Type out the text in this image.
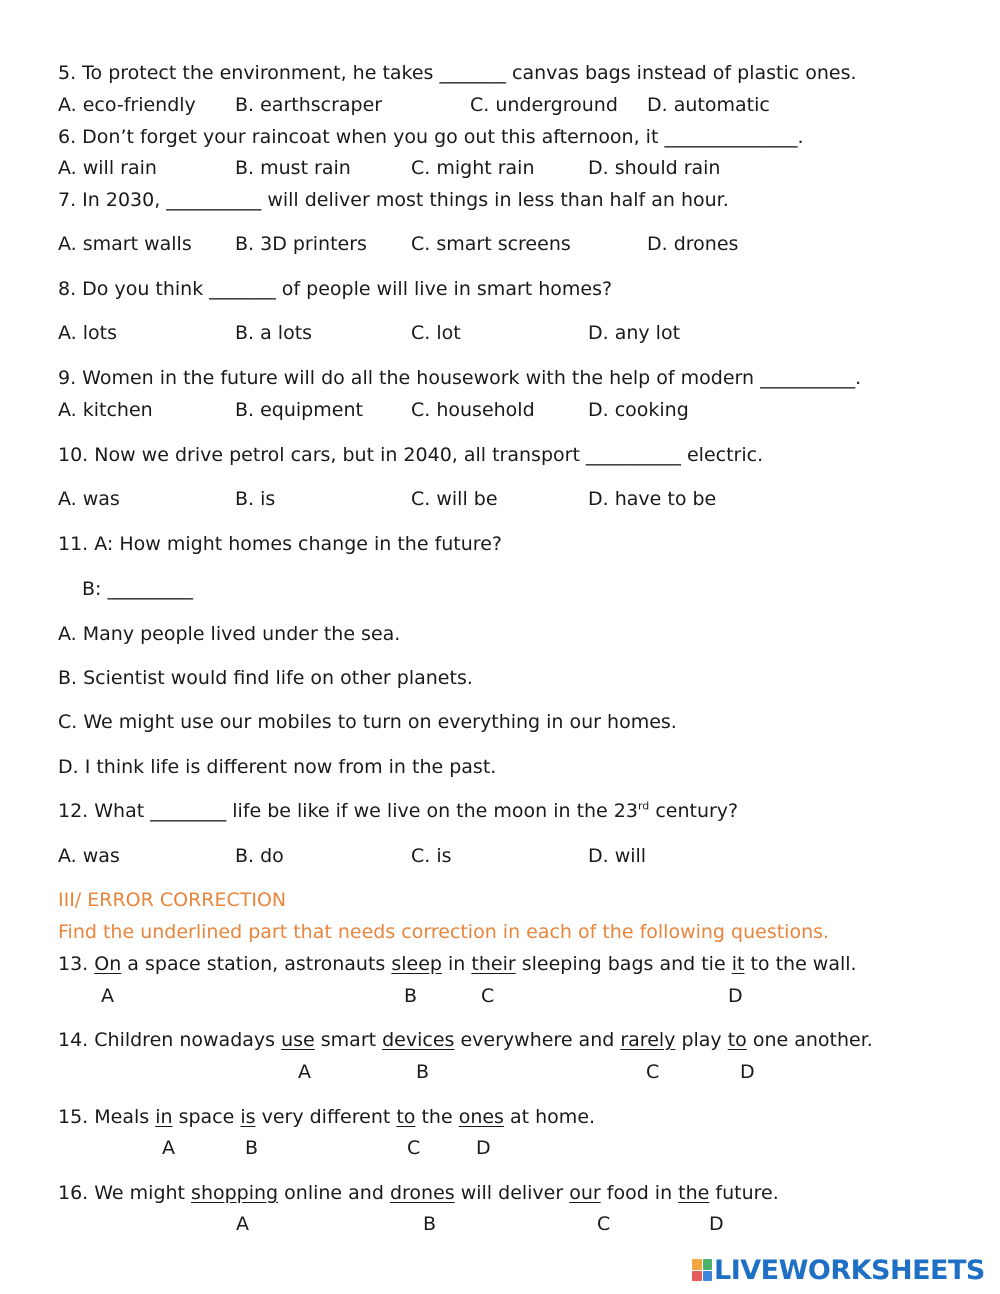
5. To protect the environment, he takes _______ canvas bags instead of plastic ones.
A. eco-friendly B. earthscraper	C. underground D. automatic
6. Don’t forget your raincoat when you go out this afternoon, it ______________.
A. will rain	B. must rain	C. might rain	D. should rain
7. In 2030, __________ will deliver most things in less than half an hour.
A. smart walls B. 3D printers C. smart screens	D. drones
8. Do you think _______ of people will live in smart homes?
A. lots	B. a lots	C. lot	D. any lot
9. Women in the future will do all the housework with the help of modern __________.
A. kitchen	B. equipment	C. household	D. cooking
10. Now we drive petrol cars, but in 2040, all transport __________ electric.
A. was	B. is	C. will be	D. have to be
11. A: How might homes change in the future?
B: _________
A. Many people lived under the sea.
B. Scientist would find life on other planets.
C. We might use our mobiles to turn on everything in our homes.
D. I think life is different now from in the past.
12. What ________ life be like if we live on the moon in the 23rd century?
A. was	B. do	C. is	D. will
III/ ERROR CORRECTION
Find the underlined part that needs correction in each of the following questions.
13. On a space station, astronauts sleep in their sleeping bags and tie it to the wall.
A	B	C	D
14. Children nowadays use smart devices everywhere and rarely play to one another.
A	B	C	D
15. Meals in space is very different to the ones at home.
A	B	C	D
16. We might shopping online and drones will deliver our food in the future.
A	B	C	D
LIVEWORKSHEETS
